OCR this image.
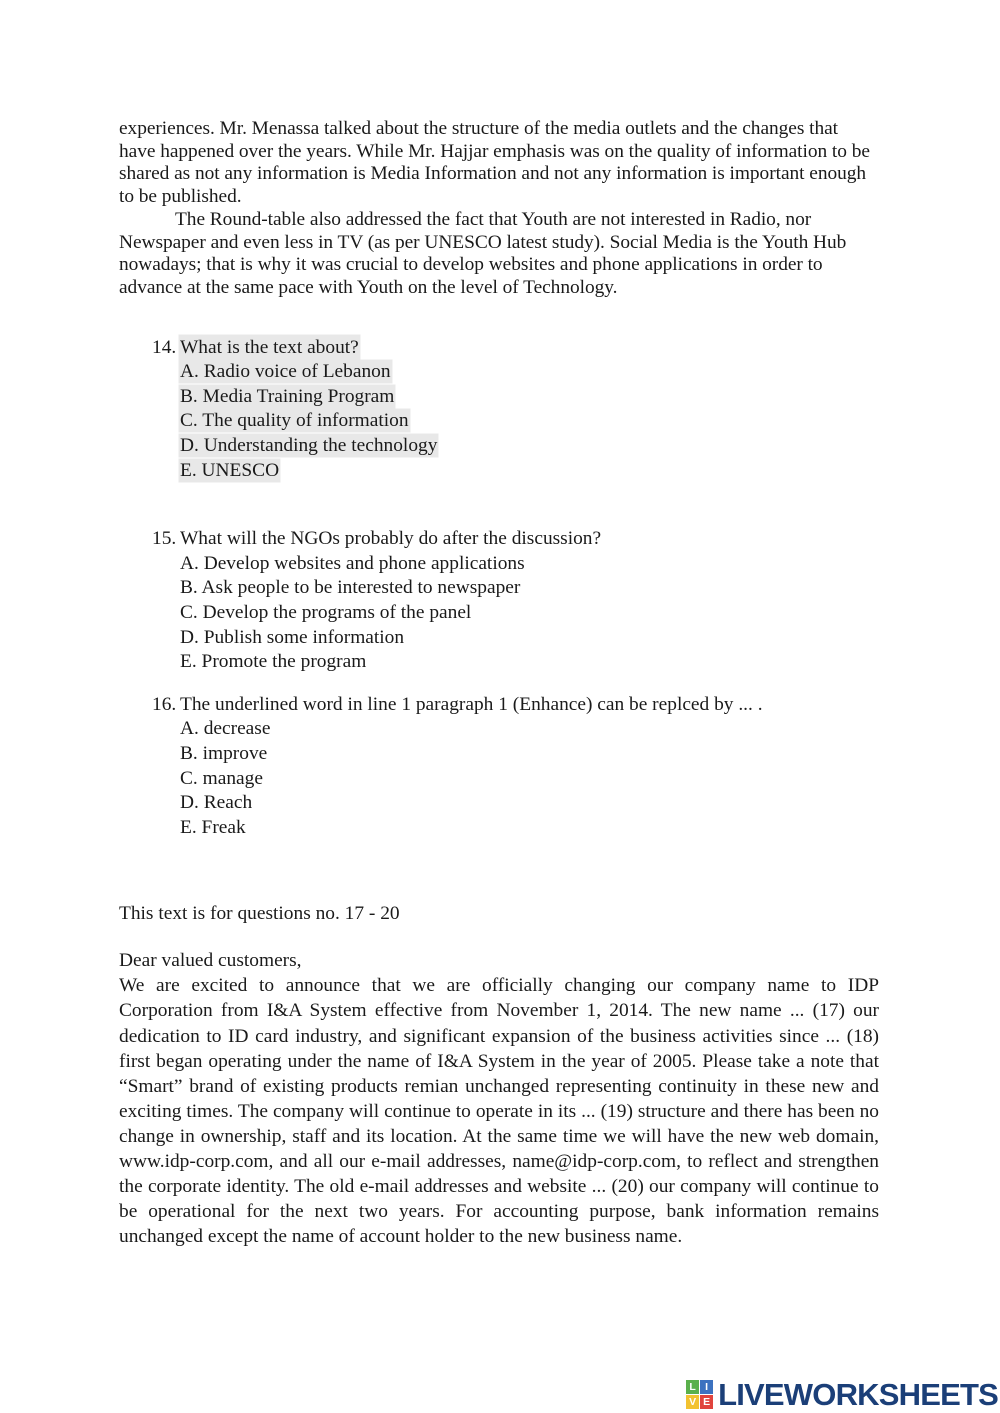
experiences. Mr. Menassa talked about the structure of the media outlets and the changes that have happened over the years. While Mr. Hajjar emphasis was on the quality of information to be shared as not any information is Media Information and not any information is important enough to be published.

The Round-table also addressed the fact that Youth are not interested in Radio, nor Newspaper and even less in TV (as per UNESCO latest study). Social Media is the Youth Hub nowadays; that is why it was crucial to develop websites and phone applications in order to advance at the same pace with Youth on the level of Technology.

14. What is the text about?
A. Radio voice of Lebanon
B. Media Training Program
C. The quality of information
D. Understanding the technology
E. UNESCO
15. What will the NGOs probably do after the discussion?
A. Develop websites and phone applications
B. Ask people to be interested to newspaper
C. Develop the programs of the panel
D. Publish some information
E. Promote the program
16. The underlined word in line 1 paragraph 1 (Enhance) can be replced by ... .
A. decrease
B. improve
C. manage
D. Reach
E. Freak

This text is for questions no. 17 - 20

Dear valued customers,

We are excited to announce that we are officially changing our company name to IDP Corporation from I&A System effective from November 1, 2014. The new name ... (17) our dedication to ID card industry, and significant expansion of the business activities since ... (18) first began operating under the name of I&A System in the year of 2005. Please take a note that “Smart” brand of existing products remian unchanged representing continuity in these new and exciting times. The company will continue to operate in its ... (19) structure and there has been no change in ownership, staff and its location. At the same time we will have the new web domain, www.idp-corp.com, and all our e-mail addresses, name@idp-corp.com, to reflect and strengthen the corporate identity. The old e-mail addresses and website ... (20) our company will continue to be operational for the next two years. For accounting purpose, bank information remains unchanged except the name of account holder to the new business name.

L I
V E LIVEWORKSHEETS
